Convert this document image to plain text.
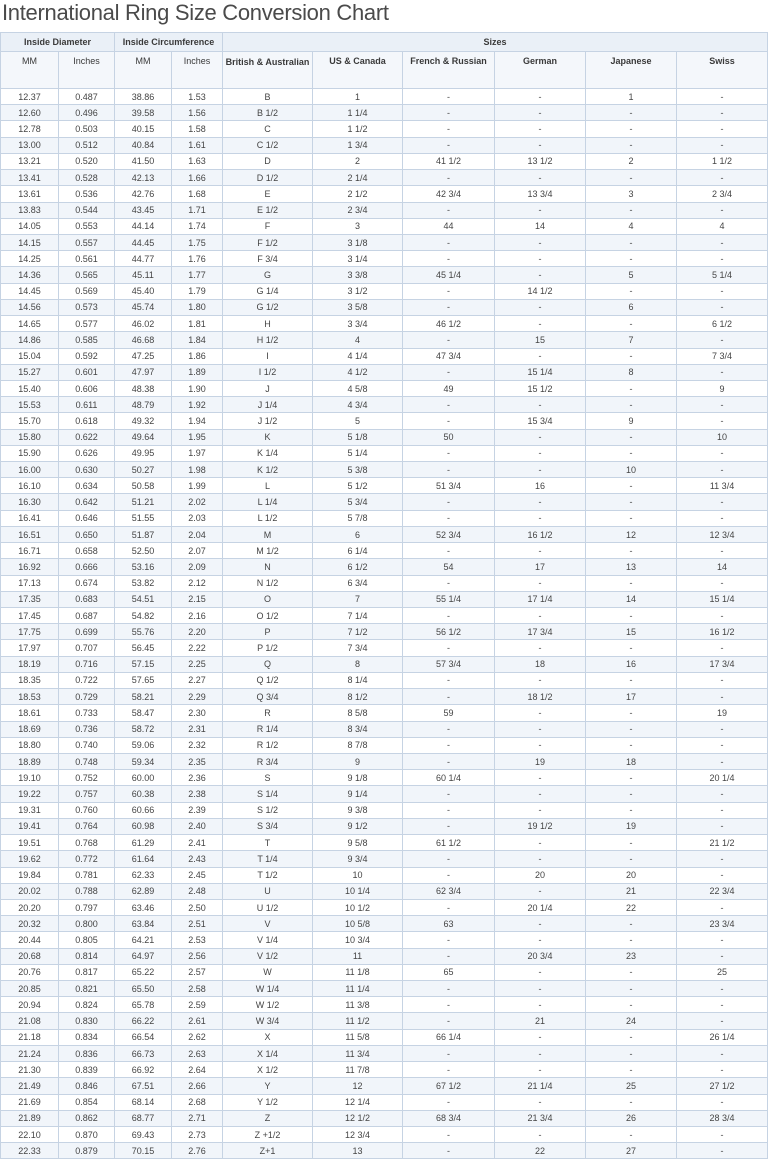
International Ring Size Conversion Chart
Inside Diameter		Inside Circumference		Sizes					
MM	Inches	MM	Inches	British & Australian	US & Canada	French & Russian	German	Japanese	Swiss
12.37	0.487	38.86	1.53	B	1	-	-	1	-
12.60	0.496	39.58	1.56	B 1/2	1 1/4	-	-	-	-
12.78	0.503	40.15	1.58	C	1 1/2	-	-	-	-
13.00	0.512	40.84	1.61	C 1/2	1 3/4	-	-	-	-
13.21	0.520	41.50	1.63	D	2	41 1/2	13 1/2	2	1 1/2
13.41	0.528	42.13	1.66	D 1/2	2 1/4	-	-	-	-
13.61	0.536	42.76	1.68	E	2 1/2	42 3/4	13 3/4	3	2 3/4
13.83	0.544	43.45	1.71	E 1/2	2 3/4	-	-	-	-
14.05	0.553	44.14	1.74	F	3	44	14	4	4
14.15	0.557	44.45	1.75	F 1/2	3 1/8	-	-	-	-
14.25	0.561	44.77	1.76	F 3/4	3 1/4	-	-	-	-
14.36	0.565	45.11	1.77	G	3 3/8	45 1/4	-	5	5 1/4
14.45	0.569	45.40	1.79	G 1/4	3 1/2	-	14 1/2	-	-
14.56	0.573	45.74	1.80	G 1/2	3 5/8	-	-	6	-
14.65	0.577	46.02	1.81	H	3 3/4	46 1/2	-	-	6 1/2
14.86	0.585	46.68	1.84	H 1/2	4	-	15	7	-
15.04	0.592	47.25	1.86	I	4 1/4	47 3/4	-	-	7 3/4
15.27	0.601	47.97	1.89	I 1/2	4 1/2	-	15 1/4	8	-
15.40	0.606	48.38	1.90	J	4 5/8	49	15 1/2	-	9
15.53	0.611	48.79	1.92	J 1/4	4 3/4	-	-	-	-
15.70	0.618	49.32	1.94	J 1/2	5	-	15 3/4	9	-
15.80	0.622	49.64	1.95	K	5 1/8	50	-	-	10
15.90	0.626	49.95	1.97	K 1/4	5 1/4	-	-	-	-
16.00	0.630	50.27	1.98	K 1/2	5 3/8	-	-	10	-
16.10	0.634	50.58	1.99	L	5 1/2	51 3/4	16	-	11 3/4
16.30	0.642	51.21	2.02	L 1/4	5 3/4	-	-	-	-
16.41	0.646	51.55	2.03	L 1/2	5 7/8	-	-	-	-
16.51	0.650	51.87	2.04	M	6	52 3/4	16 1/2	12	12 3/4
16.71	0.658	52.50	2.07	M 1/2	6 1/4	-	-	-	-
16.92	0.666	53.16	2.09	N	6 1/2	54	17	13	14
17.13	0.674	53.82	2.12	N 1/2	6 3/4	-	-	-	-
17.35	0.683	54.51	2.15	O	7	55 1/4	17 1/4	14	15 1/4
17.45	0.687	54.82	2.16	O 1/2	7 1/4	-	-	-	-
17.75	0.699	55.76	2.20	P	7 1/2	56 1/2	17 3/4	15	16 1/2
17.97	0.707	56.45	2.22	P 1/2	7 3/4	-	-	-	-
18.19	0.716	57.15	2.25	Q	8	57 3/4	18	16	17 3/4
18.35	0.722	57.65	2.27	Q 1/2	8 1/4	-	-	-	-
18.53	0.729	58.21	2.29	Q 3/4	8 1/2	-	18 1/2	17	-
18.61	0.733	58.47	2.30	R	8 5/8	59	-	-	19
18.69	0.736	58.72	2.31	R 1/4	8 3/4	-	-	-	-
18.80	0.740	59.06	2.32	R 1/2	8 7/8	-	-	-	-
18.89	0.748	59.34	2.35	R 3/4	9	-	19	18	-
19.10	0.752	60.00	2.36	S	9 1/8	60 1/4	-	-	20 1/4
19.22	0.757	60.38	2.38	S 1/4	9 1/4	-	-	-	-
19.31	0.760	60.66	2.39	S 1/2	9 3/8	-	-	-	-
19.41	0.764	60.98	2.40	S 3/4	9 1/2	-	19 1/2	19	-
19.51	0.768	61.29	2.41	T	9 5/8	61 1/2	-	-	21 1/2
19.62	0.772	61.64	2.43	T 1/4	9 3/4	-	-	-	-
19.84	0.781	62.33	2.45	T 1/2	10	-	20	20	-
20.02	0.788	62.89	2.48	U	10 1/4	62 3/4	-	21	22 3/4
20.20	0.797	63.46	2.50	U 1/2	10 1/2	-	20 1/4	22	-
20.32	0.800	63.84	2.51	V	10 5/8	63	-	-	23 3/4
20.44	0.805	64.21	2.53	V 1/4	10 3/4	-	-	-	-
20.68	0.814	64.97	2.56	V 1/2	11	-	20 3/4	23	-
20.76	0.817	65.22	2.57	W	11 1/8	65	-	-	25
20.85	0.821	65.50	2.58	W 1/4	11 1/4	-	-	-	-
20.94	0.824	65.78	2.59	W 1/2	11 3/8	-	-	-	-
21.08	0.830	66.22	2.61	W 3/4	11 1/2	-	21	24	-
21.18	0.834	66.54	2.62	X	11 5/8	66 1/4	-	-	26 1/4
21.24	0.836	66.73	2.63	X 1/4	11 3/4	-	-	-	-
21.30	0.839	66.92	2.64	X 1/2	11 7/8	-	-	-	-
21.49	0.846	67.51	2.66	Y	12	67 1/2	21 1/4	25	27 1/2
21.69	0.854	68.14	2.68	Y 1/2	12 1/4	-	-	-	-
21.89	0.862	68.77	2.71	Z	12 1/2	68 3/4	21 3/4	26	28 3/4
22.10	0.870	69.43	2.73	Z +1/2	12 3/4	-	-	-	-
22.33	0.879	70.15	2.76	Z+1	13	-	22	27	-
